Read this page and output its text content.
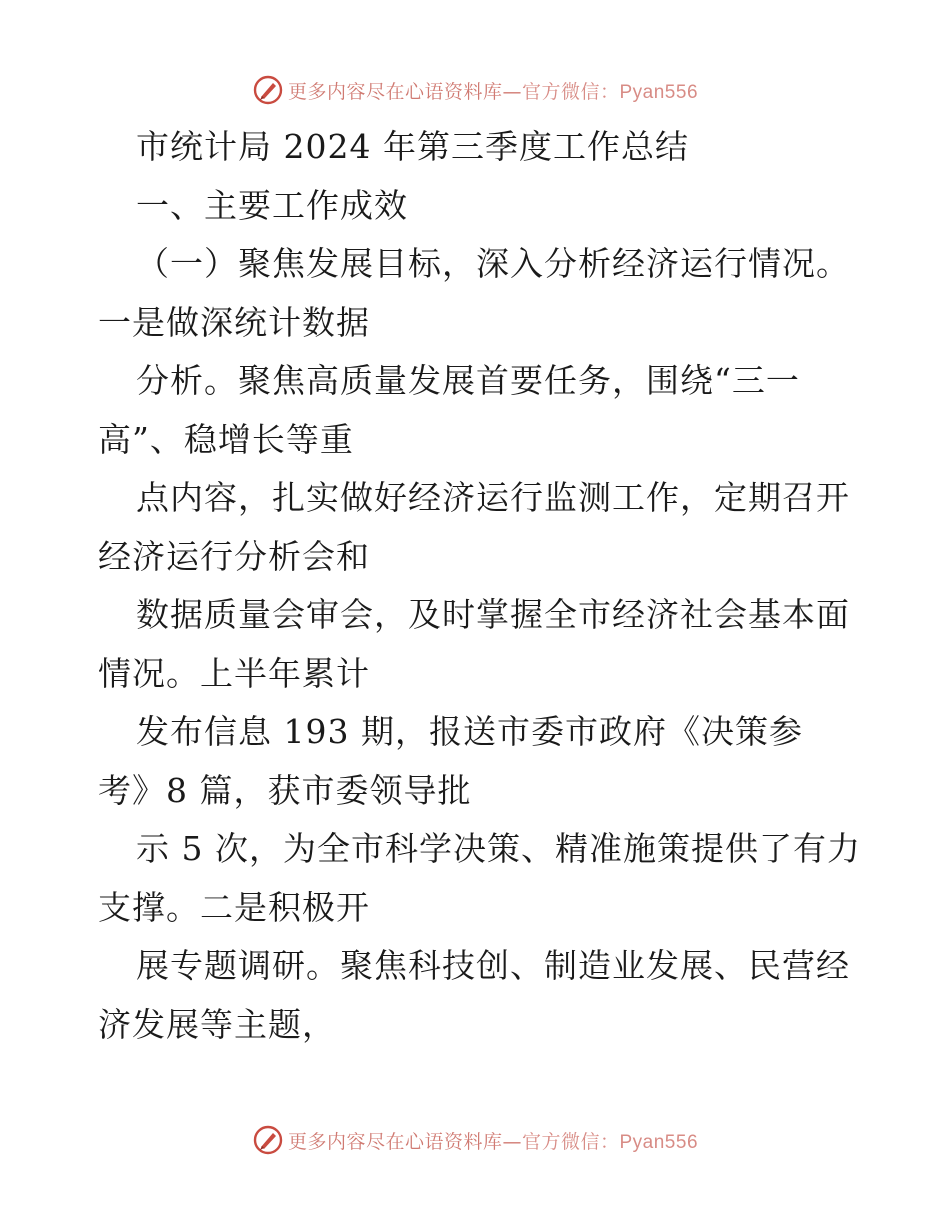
更多内容尽在心语资料库— 官方微信：Pyan556
市统计局 2024 年第三季度工作总结
一、主要工作成效
（一）聚焦发展目标，深入分析经济运行情况。
一是做深统计数据
分析。聚焦高质量发展首要任务，围绕“三一
高”、稳增长等重
点内容，扎实做好经济运行监测工作，定期召开
经济运行分析会和
数据质量会审会，及时掌握全市经济社会基本面
情况。上半年累计
发布信息 193 期，报送市委市政府《决策参
考》8 篇，获市委领导批
示 5 次，为全市科学决策、精准施策提供了有力
支撑。二是积极开
展专题调研。聚焦科技创、制造业发展、民营经
济发展等主题，
更多内容尽在心语资料库— 官方微信：Pyan556
